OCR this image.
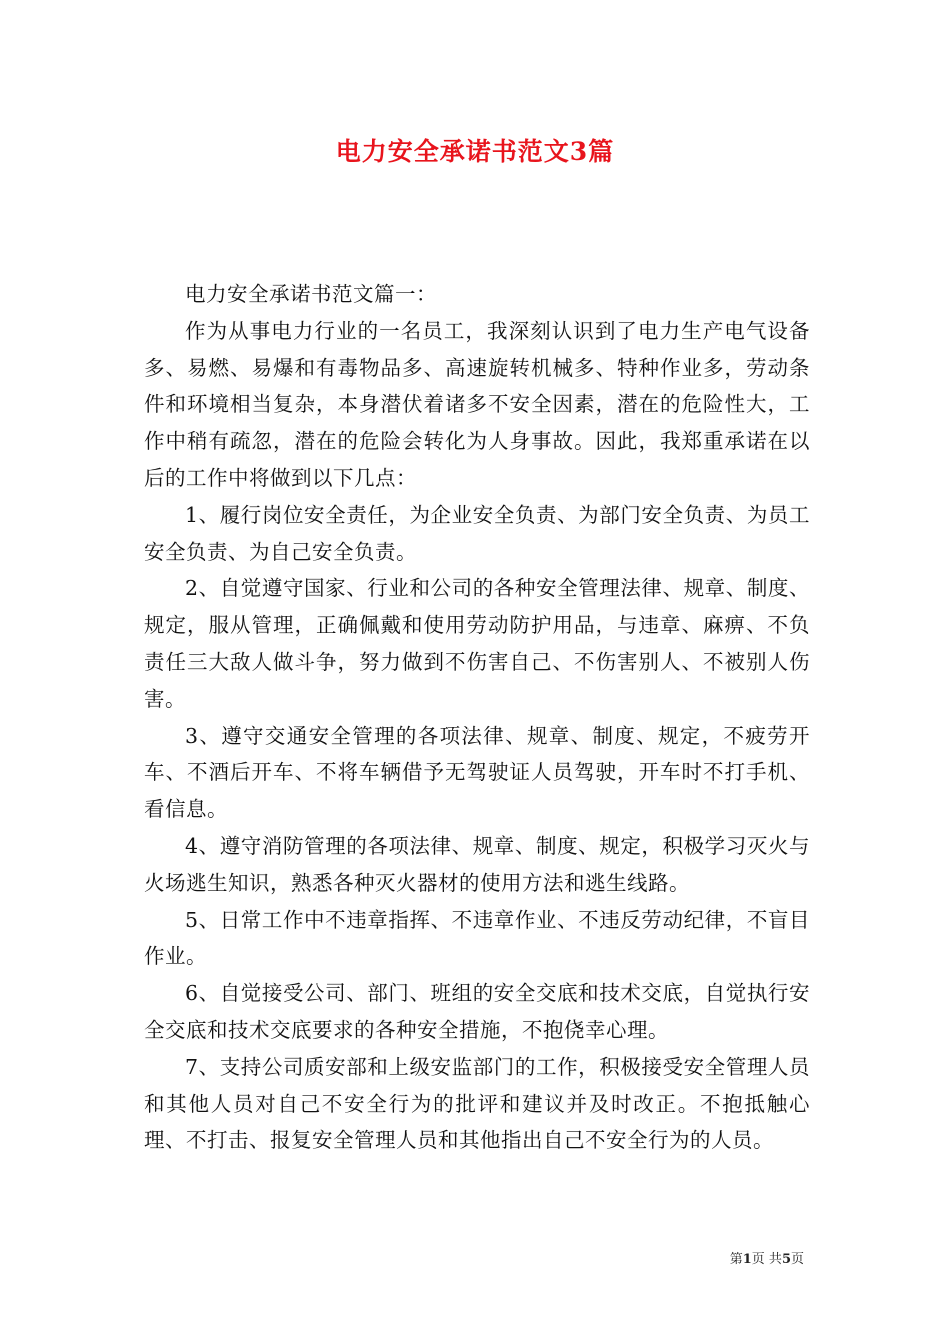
电力安全承诺书范文3篇

电力安全承诺书范文篇一：

作为从事电力行业的一名员工，我深刻认识到了电力生产电气设备多、易燃、易爆和有毒物品多、高速旋转机械多、特种作业多，劳动条件和环境相当复杂，本身潜伏着诸多不安全因素，潜在的危险性大，工作中稍有疏忽，潜在的危险会转化为人身事故。因此，我郑重承诺在以后的工作中将做到以下几点：

1、履行岗位安全责任，为企业安全负责、为部门安全负责、为员工安全负责、为自己安全负责。

2、自觉遵守国家、行业和公司的各种安全管理法律、规章、制度、规定，服从管理，正确佩戴和使用劳动防护用品，与违章、麻痹、不负责任三大敌人做斗争，努力做到不伤害自己、不伤害别人、不被别人伤害。

3、遵守交通安全管理的各项法律、规章、制度、规定，不疲劳开车、不酒后开车、不将车辆借予无驾驶证人员驾驶，开车时不打手机、看信息。

4、遵守消防管理的各项法律、规章、制度、规定，积极学习灭火与火场逃生知识，熟悉各种灭火器材的使用方法和逃生线路。

5、日常工作中不违章指挥、不违章作业、不违反劳动纪律，不盲目作业。

6、自觉接受公司、部门、班组的安全交底和技术交底，自觉执行安全交底和技术交底要求的各种安全措施，不抱侥幸心理。

7、支持公司质安部和上级安监部门的工作，积极接受安全管理人员和其他人员对自己不安全行为的批评和建议并及时改正。不抱抵触心理、不打击、报复安全管理人员和其他指出自己不安全行为的人员。

第1页 共5页
